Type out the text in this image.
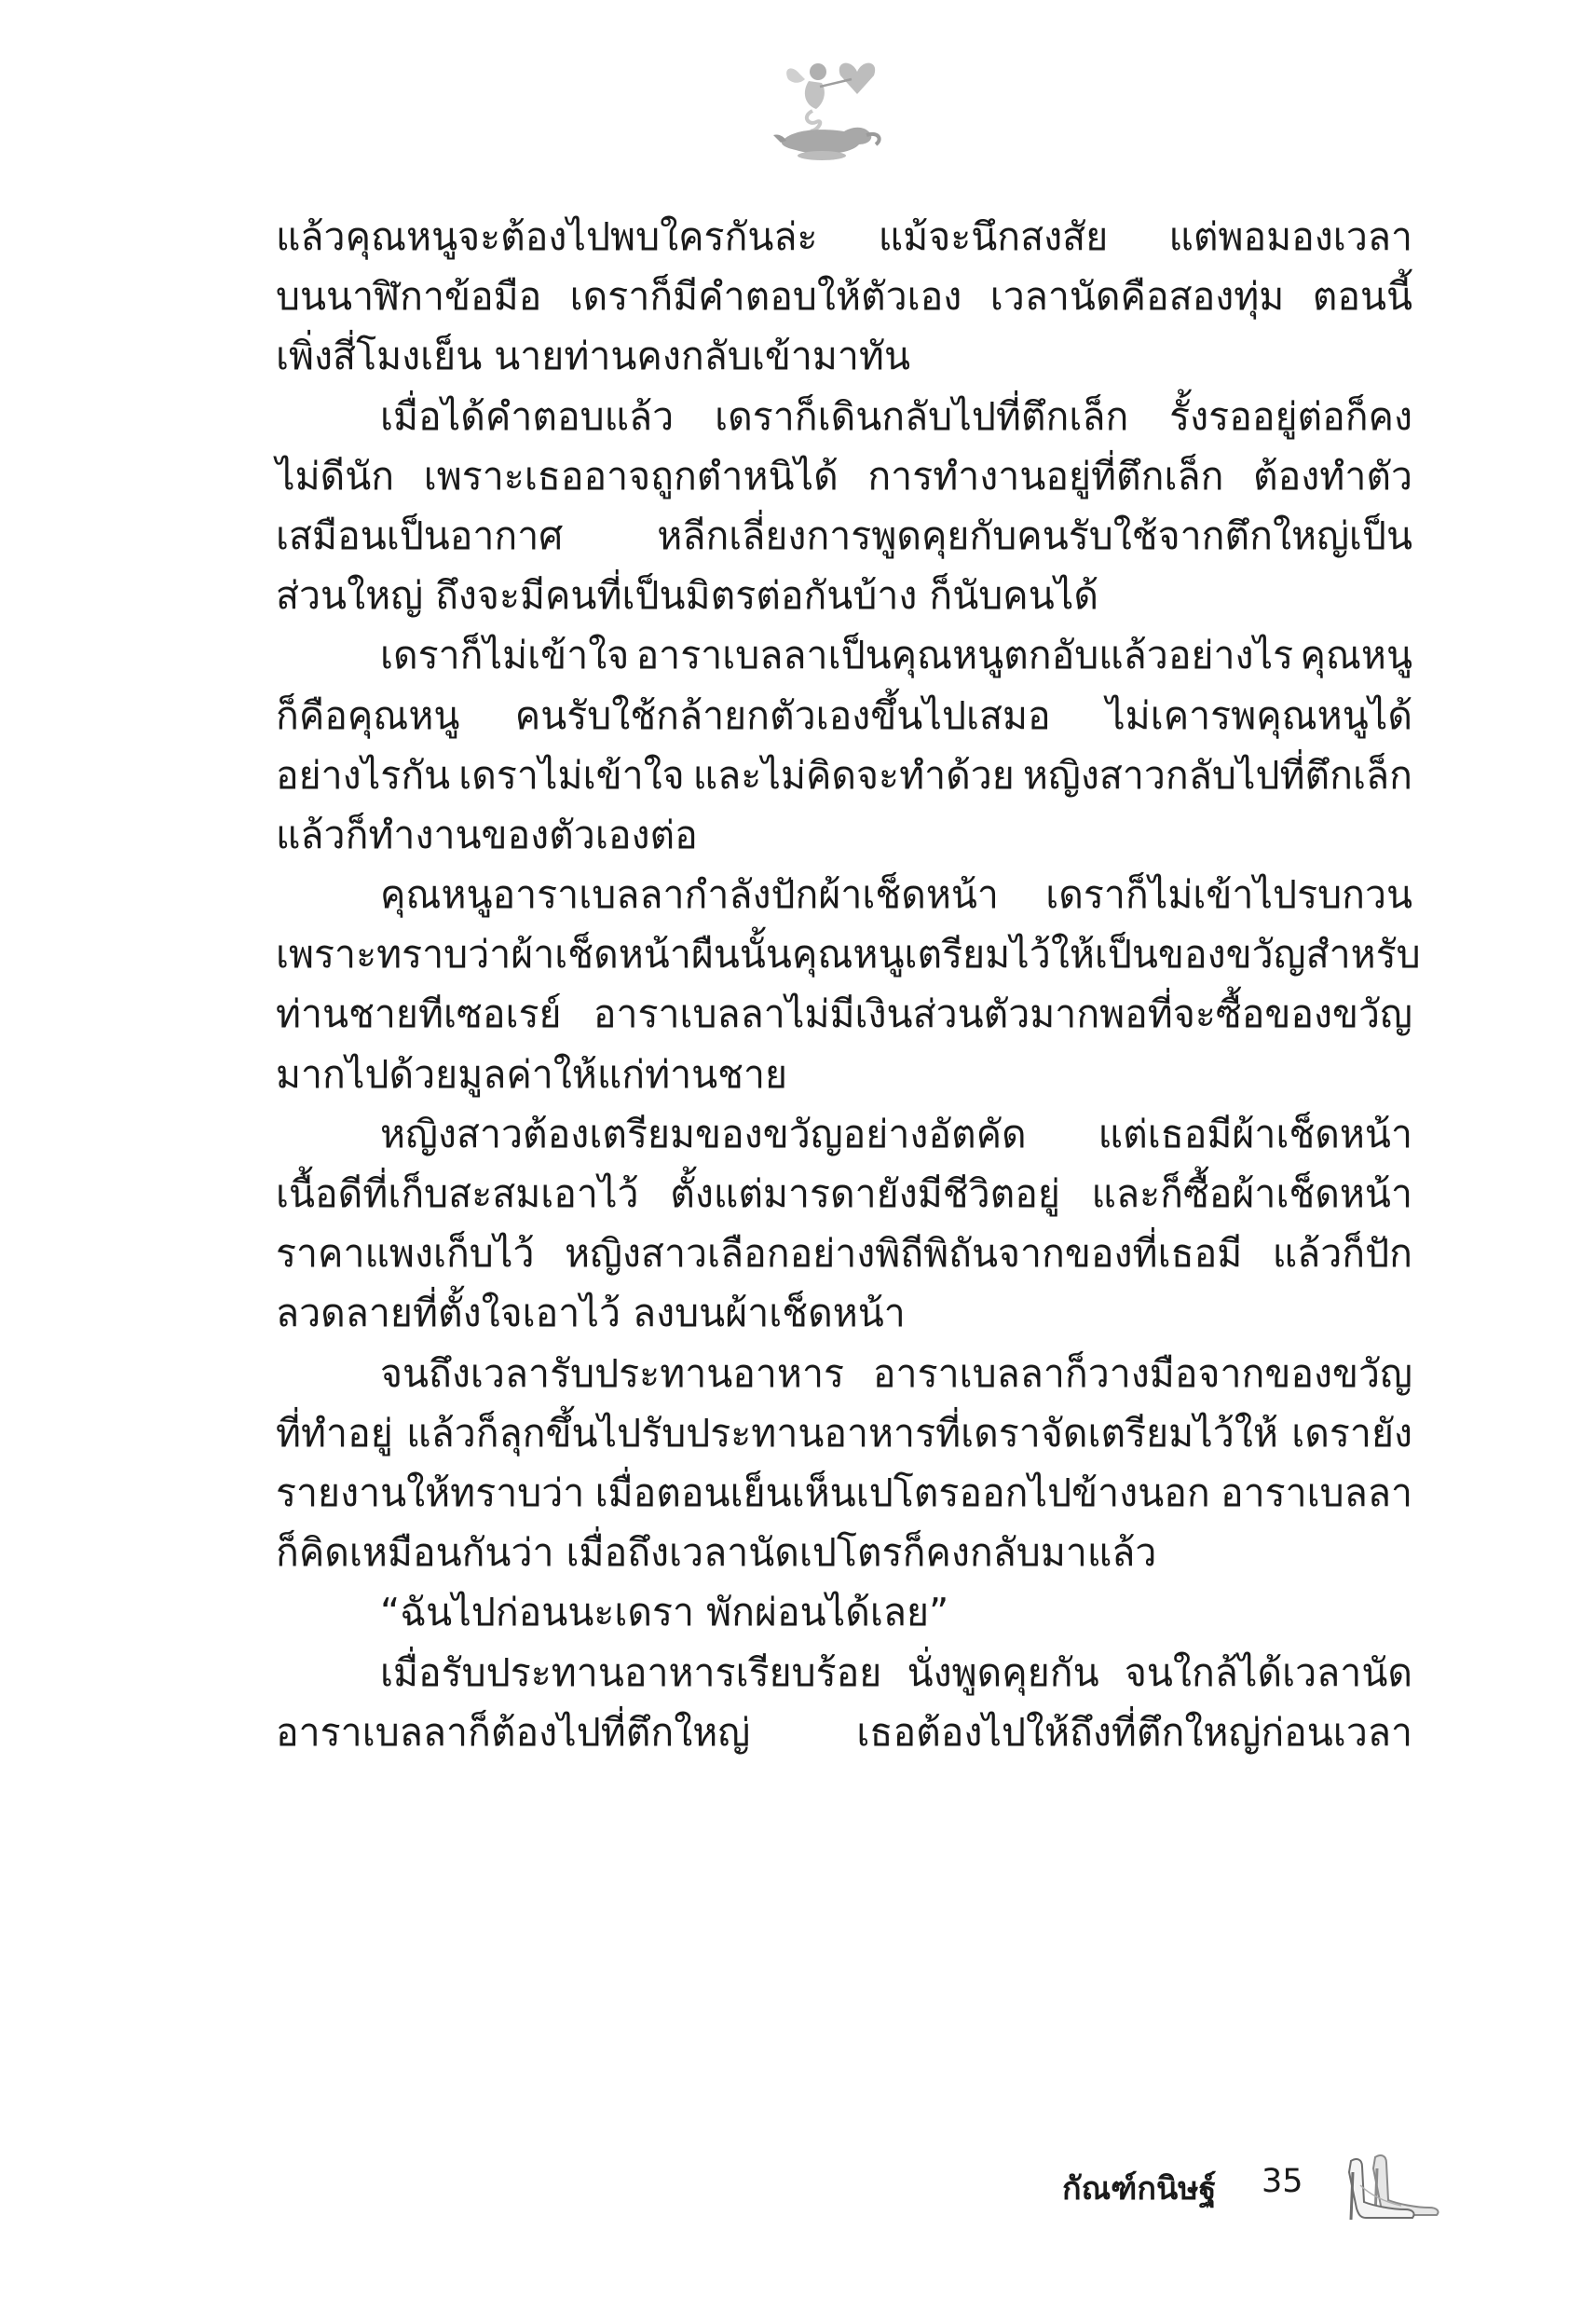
แล้วคุณหนูจะต้องไปพบใครกันล่ะ แม้จะนึกสงสัย แต่พอมองเวลา
บนนาฬิกาข้อมือ เดราก็มีคำตอบให้ตัวเอง เวลานัดคือสองทุ่ม ตอนนี้
เพิ่งสี่โมงเย็น นายท่านคงกลับเข้ามาทัน
เมื่อได้คำตอบแล้ว เดราก็เดินกลับไปที่ตึกเล็ก รั้งรออยู่ต่อก็คง
ไม่ดีนัก เพราะเธออาจถูกตำหนิได้ การทำงานอยู่ที่ตึกเล็ก ต้องทำตัว
เสมือนเป็นอากาศ หลีกเลี่ยงการพูดคุยกับคนรับใช้จากตึกใหญ่เป็น
ส่วนใหญ่ ถึงจะมีคนที่เป็นมิตรต่อกันบ้าง ก็นับคนได้
เดราก็ไม่เข้าใจ อาราเบลลาเป็นคุณหนูตกอับแล้วอย่างไร คุณหนู
ก็คือคุณหนู คนรับใช้กล้ายกตัวเองขึ้นไปเสมอ ไม่เคารพคุณหนูได้
อย่างไรกัน เดราไม่เข้าใจ และไม่คิดจะทำด้วย หญิงสาวกลับไปที่ตึกเล็ก
แล้วก็ทำงานของตัวเองต่อ
คุณหนูอาราเบลลากำลังปักผ้าเช็ดหน้า เดราก็ไม่เข้าไปรบกวน
เพราะทราบว่าผ้าเช็ดหน้าผืนนั้น คุณหนูเตรียมไว้ให้เป็นของขวัญสำหรับ
ท่านชายทีเซอเรย์ อาราเบลลาไม่มีเงินส่วนตัวมากพอที่จะซื้อของขวัญ
มากไปด้วยมูลค่าให้แก่ท่านชาย
หญิงสาวต้องเตรียมของขวัญอย่างอัตคัด แต่เธอมีผ้าเช็ดหน้า
เนื้อดีที่เก็บสะสมเอาไว้ ตั้งแต่มารดายังมีชีวิตอยู่ และก็ซื้อผ้าเช็ดหน้า
ราคาแพงเก็บไว้ หญิงสาวเลือกอย่างพิถีพิถันจากของที่เธอมี แล้วก็ปัก
ลวดลายที่ตั้งใจเอาไว้ ลงบนผ้าเช็ดหน้า
จนถึงเวลารับประทานอาหาร อาราเบลลาก็วางมือจากของขวัญ
ที่ทำอยู่ แล้วก็ลุกขึ้นไปรับประทานอาหารที่เดราจัดเตรียมไว้ให้ เดรายัง
รายงานให้ทราบว่า เมื่อตอนเย็นเห็นเปโตรออกไปข้างนอก อาราเบลลา
ก็คิดเหมือนกันว่า เมื่อถึงเวลานัดเปโตรก็คงกลับมาแล้ว
“ฉันไปก่อนนะเดรา พักผ่อนได้เลย”
เมื่อรับประทานอาหารเรียบร้อย นั่งพูดคุยกัน จนใกล้ได้เวลานัด
อาราเบลลาก็ต้องไปที่ตึกใหญ่	เธอต้องไปให้ถึงที่ตึกใหญ่ก่อนเวลา
กัณฑ์กนิษฐ์ 35
